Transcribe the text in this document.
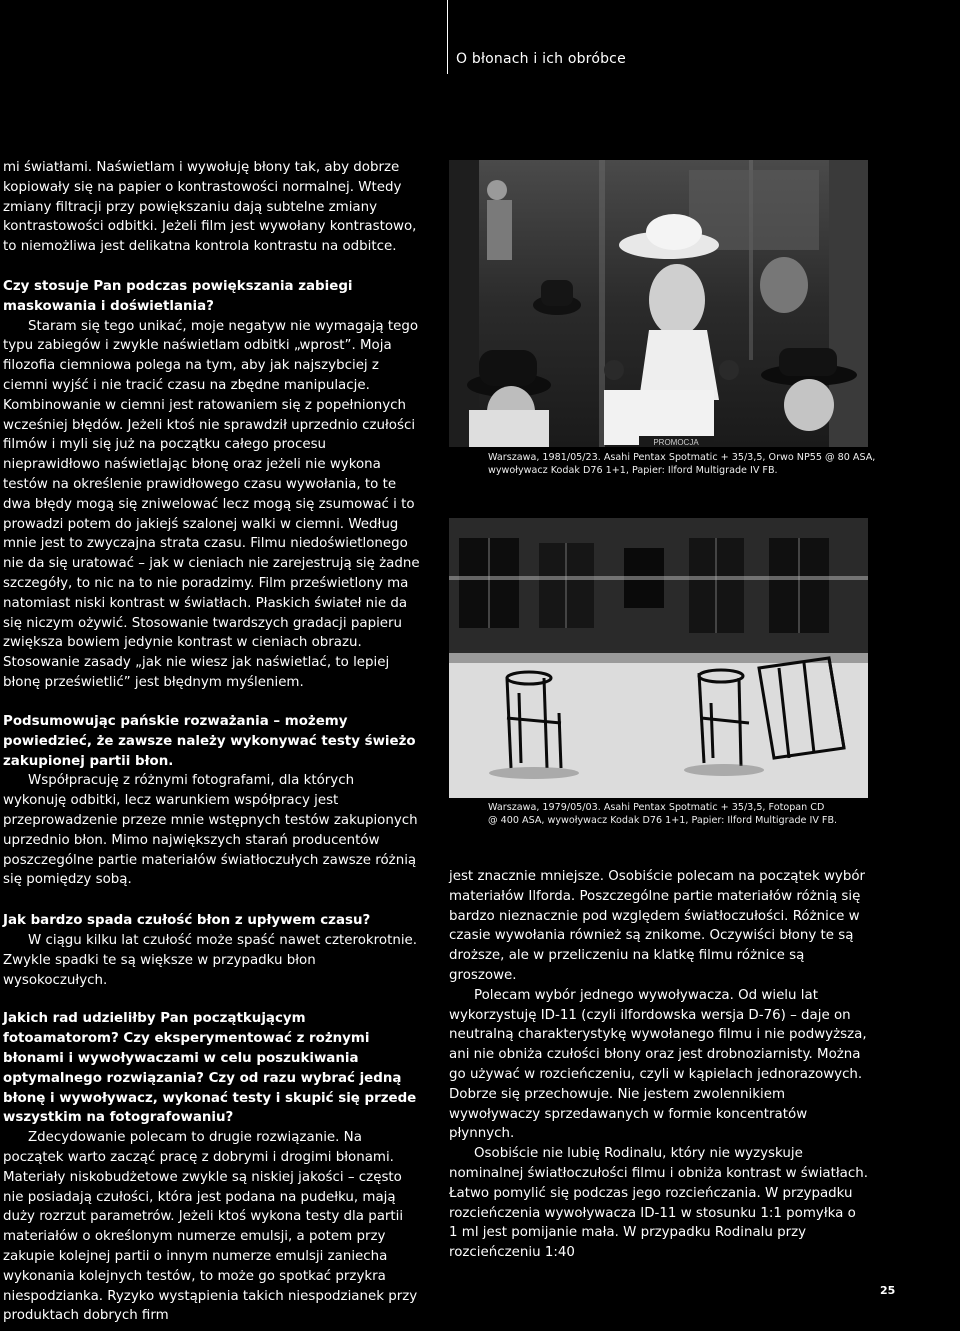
O błonach i ich obróbce

mi światłami. Naświetlam i wywołuję błony tak, aby dobrze kopiowały się na papier o kontrastowości normalnej. Wtedy zmiany filtracji przy powiększaniu dają subtelne zmiany kontrastowości odbitki. Jeżeli film jest wywołany kontrastowo, to niemożliwa jest delikatna kontrola kontrastu na odbitce.

Czy stosuje Pan podczas powiększania zabiegi maskowania i doświetlania?

Staram się tego unikać, moje negatyw nie wymagają tego typu zabiegów i zwykle naświetlam odbitki „wprost”. Moja filozofia ciemniowa polega na tym, aby jak najszybciej z ciemni wyjść i nie tracić czasu na zbędne manipulacje. Kombinowanie w ciemni jest ratowaniem się z popełnionych wcześniej błędów. Jeżeli ktoś nie sprawdził uprzednio czułości filmów i myli się już na początku całego procesu nieprawidłowo naświetlając błonę oraz jeżeli nie wykona testów na określenie prawidłowego czasu wywołania, to te dwa błędy mogą się zniwelować lecz mogą się zsumować i to prowadzi potem do jakiejś szalonej walki w ciemni. Według mnie jest to zwyczajna strata czasu. Filmu niedoświetlonego nie da się uratować – jak w cieniach nie zarejestrują się żadne szczegóły, to nic na to nie poradzimy. Film prześwietlony ma natomiast niski kontrast w światłach. Płaskich świateł nie da się niczym ożywić. Stosowanie twardszych gradacji papieru zwiększa bowiem jedynie kontrast w cieniach obrazu. Stosowanie zasady „jak nie wiesz jak naświetlać, to lepiej błonę prześwietlić” jest błędnym myśleniem.

Podsumowując pańskie rozważania – możemy powiedzieć, że zawsze należy wykonywać testy świeżo zakupionej partii błon.

Współpracuję z różnymi fotografami, dla których wykonuję odbitki, lecz warunkiem współpracy jest przeprowadzenie przeze mnie wstępnych testów zakupionych uprzednio błon. Mimo największych starań producentów poszczególne partie materiałów światłoczułych zawsze różnią się pomiędzy sobą.

Jak bardzo spada czułość błon z upływem czasu?

W ciągu kilku lat czułość może spaść nawet czterokrotnie. Zwykle spadki te są większe w przypadku błon wysokoczułych.

Jakich rad udzieliłby Pan początkującym fotoamatorom? Czy eksperymentować z rożnymi błonami i wywoływaczami w celu poszukiwania optymalnego rozwiązania? Czy od razu wybrać jedną błonę i wywoływacz, wykonać testy i skupić się przede wszystkim na fotografowaniu?

Zdecydowanie polecam to drugie rozwiązanie. Na początek warto zacząć pracę z dobrymi i drogimi błonami. Materiały niskobudżetowe zwykle są niskiej jakości – często nie posiadają czułości, która jest podana na pudełku, mają duży rozrzut parametrów. Jeżeli ktoś wykona testy dla partii materiałów o określonym numerze emulsji, a potem przy zakupie kolejnej partii o innym numerze emulsji zaniecha wykonania kolejnych testów, to może go spotkać przykra niespodzianka. Ryzyko wystąpienia takich niespodzianek przy produktach dobrych firm

jest znacznie mniejsze. Osobiście polecam na początek wybór materiałów Ilforda. Poszczególne partie materiałów różnią się bardzo nieznacznie pod względem światłoczułości. Różnice w czasie wywołania również są znikome. Oczywiści błony te są droższe, ale w przeliczeniu na klatkę filmu różnice są groszowe.

Polecam wybór jednego wywoływacza. Od wielu lat wykorzystuję ID-11 (czyli ilfordowska wersja D-76) – daje on neutralną charakterystykę wywołanego filmu i nie podwyższa, ani nie obniża czułości błony oraz jest drobnoziarnisty. Można go używać w rozcieńczeniu, czyli w kąpielach jednorazowych. Dobrze się przechowuje. Nie jestem zwolennikiem wywoływaczy sprzedawanych w formie koncentratów płynnych.

Osobiście nie lubię Rodinalu, który nie wyzyskuje nominalnej światłoczułości filmu i obniża kontrast w światłach. Łatwo pomylić się podczas jego rozcieńczania. W przypadku rozcieńczenia wywoływacza ID-11 w stosunku 1:1 pomyłka o 1 ml jest pomijanie mała. W przypadku Rodinalu przy rozcieńczeniu 1:40

PROMOCJA
Warszawa, 1981/05/23. Asahi Pentax Spotmatic + 35/3,5, Orwo NP55 @ 80 ASA,
wywoływacz Kodak D76 1+1, Papier: Ilford Multigrade IV FB.
Warszawa, 1979/05/03. Asahi Pentax Spotmatic + 35/3,5, Fotopan CD
@ 400 ASA, wywoływacz Kodak D76 1+1, Papier: Ilford Multigrade IV FB.
25
